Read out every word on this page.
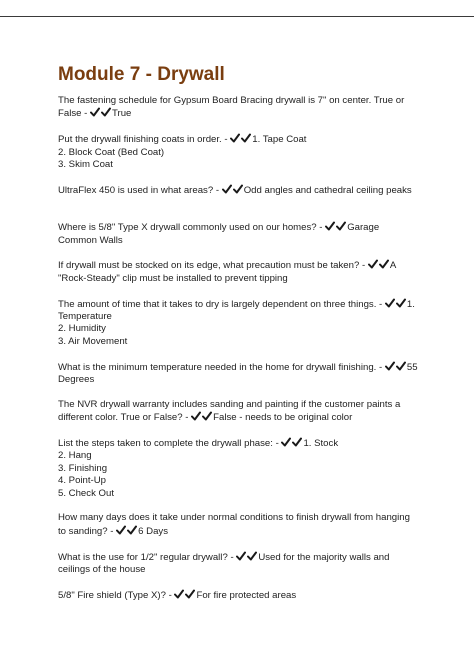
Module 7 - Drywall
The fastening schedule for Gypsum Board Bracing drywall is 7" on center. True or False -	True
Put the drywall finishing coats in order. -	1. Tape Coat
2. Block Coat (Bed Coat)
3. Skim Coat
UltraFlex 450 is used in what areas? -	Odd angles and cathedral ceiling peaks
Where is 5/8" Type X drywall commonly used on our homes? -	Garage Common Walls
If drywall must be stocked on its edge, what precaution must be taken? -	A "Rock-Steady" clip must be installed to prevent tipping
The amount of time that it takes to dry is largely dependent on three things. -	1. Temperature
2. Humidity
3. Air Movement
What is the minimum temperature needed in the home for drywall finishing. -	55 Degrees
The NVR drywall warranty includes sanding and painting if the customer paints a different color. True or False? -	False - needs to be original color
List the steps taken to complete the drywall phase: -	1. Stock
2. Hang
3. Finishing
4. Point-Up
5. Check Out
How many days does it take under normal conditions to finish drywall from hanging to sanding? -	6 Days
What is the use for 1/2" regular drywall? -	Used for the majority walls and ceilings of the house
5/8" Fire shield (Type X)? -	For fire protected areas
